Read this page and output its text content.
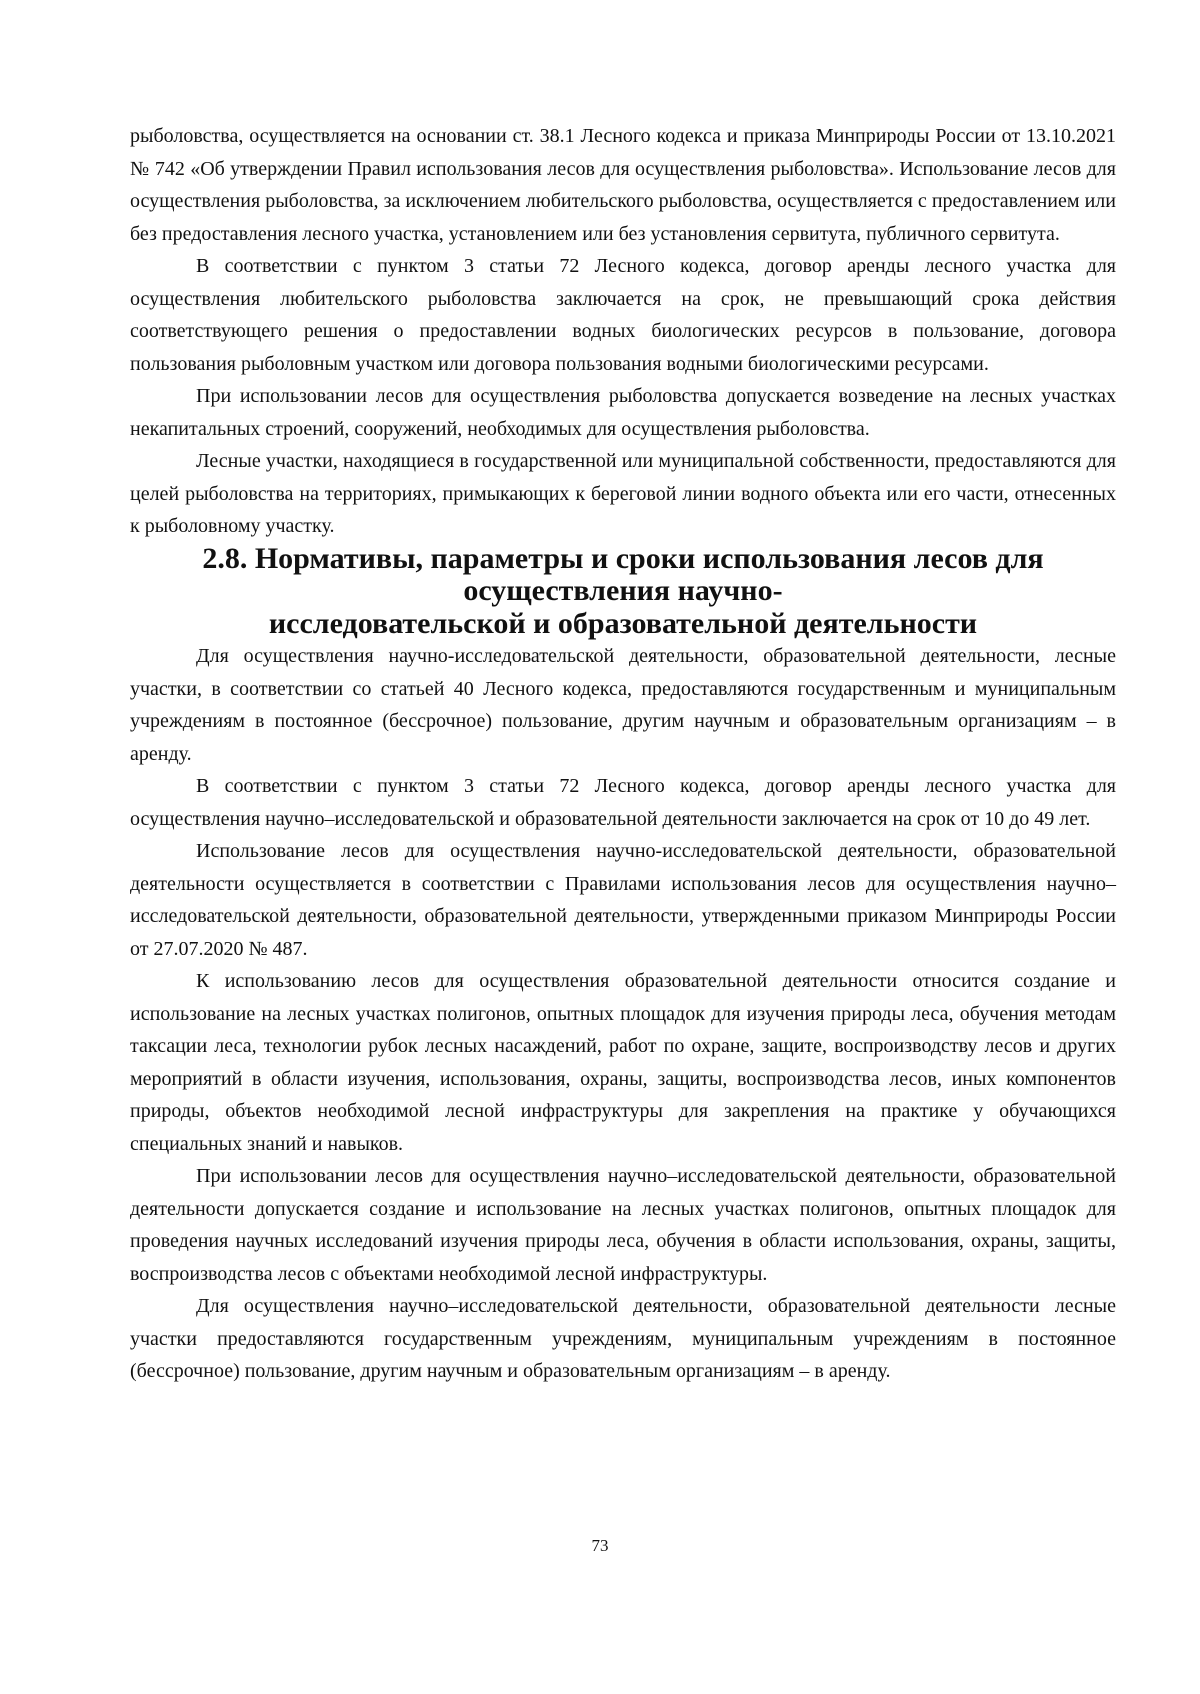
рыболовства, осуществляется на основании ст. 38.1 Лесного кодекса и приказа Минприроды России от 13.10.2021 № 742 «Об утверждении Правил использования лесов для осуществления рыболовства». Использование лесов для осуществления рыболовства, за исключением любительского рыболовства, осуществляется с предоставлением или без предоставления лесного участка, установлением или без установления сервитута, публичного сервитута.

В соответствии с пунктом 3 статьи 72 Лесного кодекса, договор аренды лесного участка для осуществления любительского рыболовства заключается на срок, не превышающий срока действия соответствующего решения о предоставлении водных биологических ресурсов в пользование, договора пользования рыболовным участком или договора пользования водными биологическими ресурсами.

При использовании лесов для осуществления рыболовства допускается возведение на лесных участках некапитальных строений, сооружений, необходимых для осуществления рыболовства.

Лесные участки, находящиеся в государственной или муниципальной собственности, предоставляются для целей рыболовства на территориях, примыкающих к береговой линии водного объекта или его части, отнесенных к рыболовному участку.

2.8. Нормативы, параметры и сроки использования лесов для осуществления научно-
исследовательской и образовательной деятельности

Для осуществления научно-исследовательской деятельности, образовательной деятельности, лесные участки, в соответствии со статьей 40 Лесного кодекса, предоставляются государственным и муниципальным учреждениям в постоянное (бессрочное) пользование, другим научным и образовательным организациям – в аренду.

В соответствии с пунктом 3 статьи 72 Лесного кодекса, договор аренды лесного участка для осуществления научно–исследовательской и образовательной деятельности заключается на срок от 10 до 49 лет.

Использование лесов для осуществления научно-исследовательской деятельности, образовательной деятельности осуществляется в соответствии с Правилами использования лесов для осуществления научно–исследовательской деятельности, образовательной деятельности, утвержденными приказом Минприроды России от 27.07.2020 № 487.

К использованию лесов для осуществления образовательной деятельности относится создание и использование на лесных участках полигонов, опытных площадок для изучения природы леса, обучения методам таксации леса, технологии рубок лесных насаждений, работ по охране, защите, воспроизводству лесов и других мероприятий в области изучения, использования, охраны, защиты, воспроизводства лесов, иных компонентов природы, объектов необходимой лесной инфраструктуры для закрепления на практике у обучающихся специальных знаний и навыков.

При использовании лесов для осуществления научно–исследовательской деятельности, образовательной деятельности допускается создание и использование на лесных участках полигонов, опытных площадок для проведения научных исследований изучения природы леса, обучения в области использования, охраны, защиты, воспроизводства лесов с объектами необходимой лесной инфраструктуры.

Для осуществления научно–исследовательской деятельности, образовательной деятельности лесные участки предоставляются государственным учреждениям, муниципальным учреждениям в постоянное (бессрочное) пользование, другим научным и образовательным организациям – в аренду.

73
